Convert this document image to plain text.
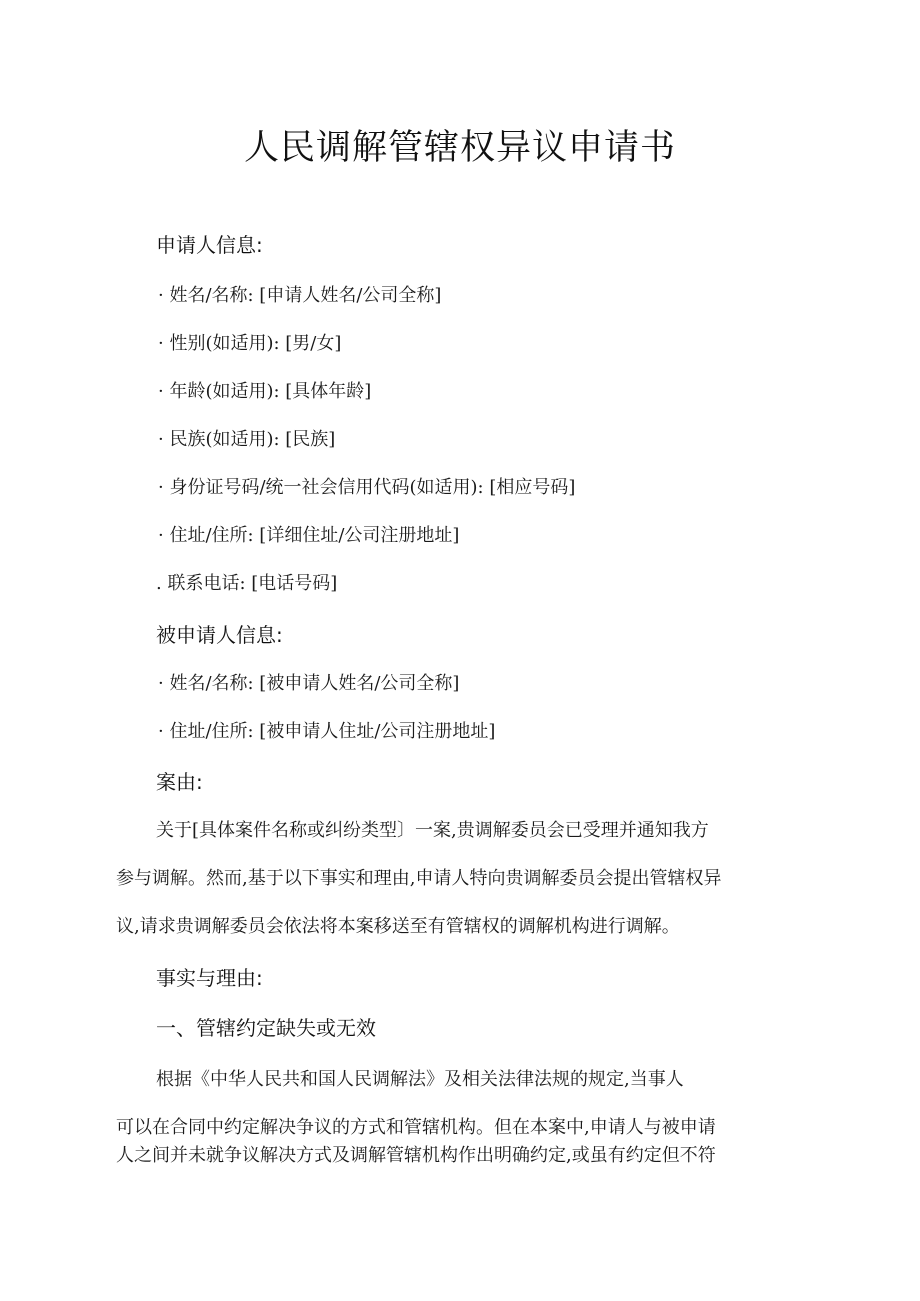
人民调解管辖权异议申请书
申请人信息:
· 姓名/名称: [申请人姓名/公司全称]
· 性别(如适用): [男/女]
· 年龄(如适用): [具体年龄]
· 民族(如适用): [民族]
· 身份证号码/统一社会信用代码(如适用): [相应号码]
· 住址/住所: [详细住址/公司注册地址]
. 联系电话: [电话号码]
被申请人信息:
· 姓名/名称: [被申请人姓名/公司全称]
· 住址/住所: [被申请人住址/公司注册地址]
案由:
关于[具体案件名称或纠纷类型〕一案,贵调解委员会已受理并通知我方
参与调解。然而,基于以下事实和理由,申请人特向贵调解委员会提出管辖权异
议,请求贵调解委员会依法将本案移送至有管辖权的调解机构进行调解。
事实与理由:
一、管辖约定缺失或无效
根据《中华人民共和国人民调解法》及相关法律法规的规定,当事人
可以在合同中约定解决争议的方式和管辖机构。但在本案中,申请人与被申请
人之间并未就争议解决方式及调解管辖机构作出明确约定,或虽有约定但不符
